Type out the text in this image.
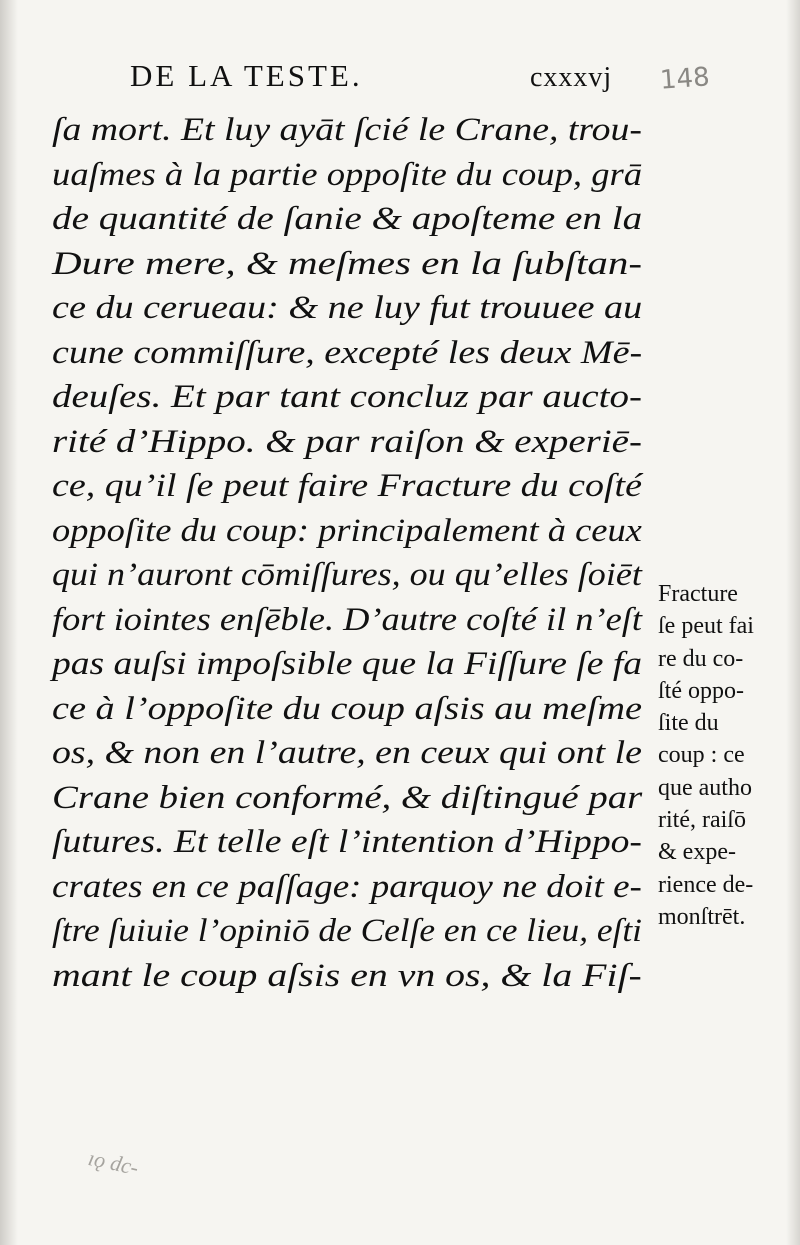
DE LA TESTE.	cxxxvj 148
ſa mort. Et luy ayāt ſcié le Crane, trou-
uaſmes à la partie oppoſite du coup, grā
de quantité de ſanie & apoſteme en la
Dure mere, & meſmes en la ſubſtan-
ce du cerueau: & ne luy fut trouuee au
cune commiſſure, excepté les deux Mē-
deuſes. Et par tant concluz par aucto-
rité d’Hippo. & par raiſon & experiē-
ce, qu’il ſe peut faire Fracture du coſté
oppoſite du coup: principalement à ceux
qui n’auront cōmiſſures, ou qu’elles ſoiēt
fort iointes enſēble. D’autre coſté il n’eſt
pas auſsi impoſsible que la Fiſſure ſe fa
ce à l’oppoſite du coup aſsis au meſme
os, & non en l’autre, en ceux qui ont le
Crane bien conformé, & diſtingué par
ſutures. Et telle eſt l’intention d’Hippo-
crates en ce paſſage: parquoy ne doit e-
ſtre ſuiuie l’opiniō de Celſe en ce lieu, eſti
mant le coup aſsis en vn os, & la Fiſ-
Fracture
ſe peut fai
re du co-
ſté oppo-
ſite du
coup : ce
que autho
rité, raiſō
& expe-
rience de-
monſtrēt.
ıǫ dc-
